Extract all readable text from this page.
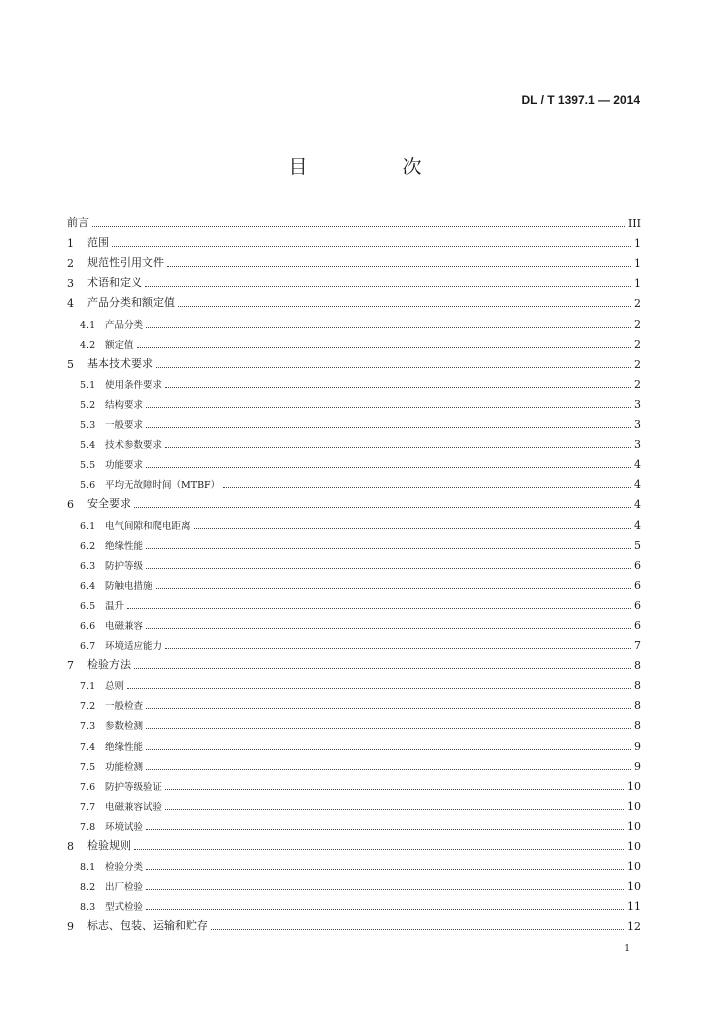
DL / T 1397.1 — 2014
目　次
前言	III
1	范围	1
2	规范性引用文件	1
3	术语和定义	1
4	产品分类和额定值	2
4.1	产品分类	2
4.2	额定值	2
5	基本技术要求	2
5.1	使用条件要求	2
5.2	结构要求	3
5.3	一般要求	3
5.4	技术参数要求	3
5.5	功能要求	4
5.6	平均无故障时间（MTBF）	4
6	安全要求	4
6.1	电气间隙和爬电距离	4
6.2	绝缘性能	5
6.3	防护等级	6
6.4	防触电措施	6
6.5	温升	6
6.6	电磁兼容	6
6.7	环境适应能力	7
7	检验方法	8
7.1	总则	8
7.2	一般检查	8
7.3	参数检测	8
7.4	绝缘性能	9
7.5	功能检测	9
7.6	防护等级验证	10
7.7	电磁兼容试验	10
7.8	环境试验	10
8	检验规则	10
8.1	检验分类	10
8.2	出厂检验	10
8.3	型式检验	11
9	标志、包装、运输和贮存	12
1
